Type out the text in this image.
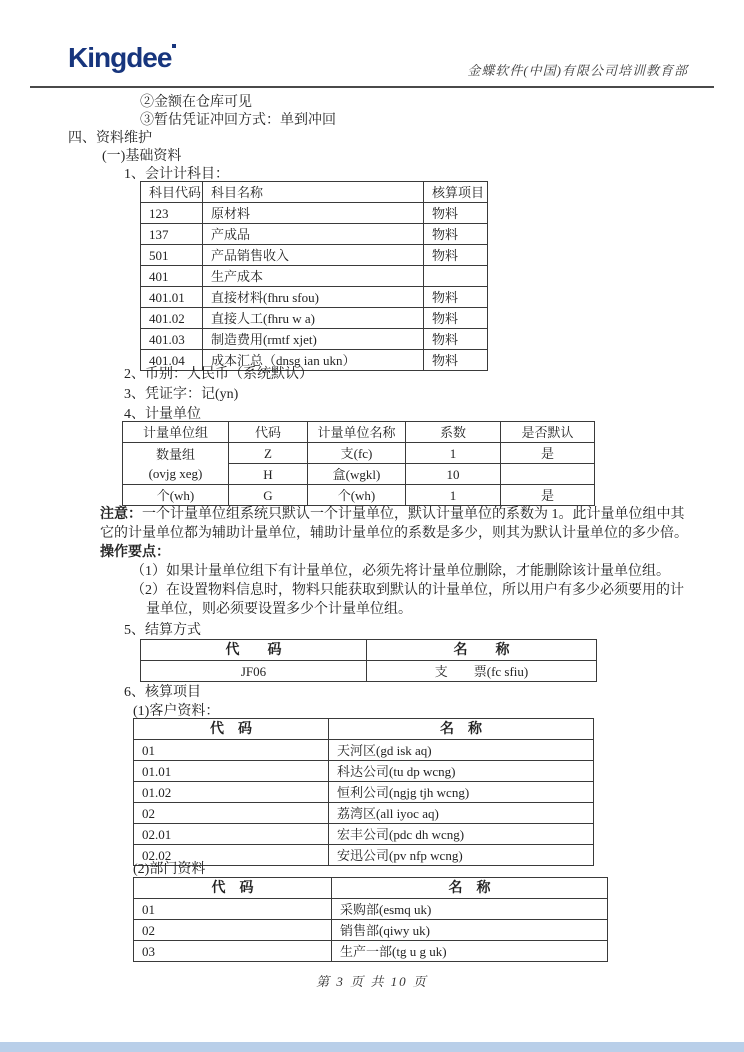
Kingdee	金蝶软件(中国)有限公司培训教育部
②金额在仓库可见
③暂估凭证冲回方式：单到冲回
四、资料维护
(一)基础资料
1、会计计科目：
科目代码	科目名称	核算项目
123	原材料	物料
137	产成品	物料
501	产品销售收入	物料
401	生产成本	
401.01	直接材料(fhru sfou)	物料
401.02	直接人工(fhru w a)	物料
401.03	制造费用(rmtf xjet)	物料
401.04	成本汇总（dnsg ian ukn）	物料
2、币别：人民币（系统默认）
3、凭证字：记(yn)
4、计量单位
计量单位组	代码	计量单位名称	系数	是否默认

数量组
(ovjg xeg)	Z	支(fc)	1	是
	H	盒(wgkl)	10	
个(wh)	G	个(wh)	1	是
注意：一个计量单位组系统只默认一个计量单位，默认计量单位的系数为 1。此计量单位组中其
它的计量单位都为辅助计量单位，辅助计量单位的系数是多少，则其为默认计量单位的多少倍。
操作要点：
（1）如果计量单位组下有计量单位，必须先将计量单位删除，才能删除该计量单位组。
（2）在设置物料信息时，物料只能获取到默认的计量单位，所以用户有多少必须要用的计
量单位，则必须要设置多少个计量单位组。
5、结算方式
代　　码	名　　称
JF06	支　　票(fc sfiu)
6、核算项目
(1)客户资料：
代　码	名　称
01	天河区(gd isk aq)
01.01	科达公司(tu dp wcng)
01.02	恒利公司(ngjg tjh wcng)
02	荔湾区(all iyoc aq)
02.01	宏丰公司(pdc dh wcng)
02.02	安迅公司(pv nfp wcng)
(2)部门资料
代　码	名　称
01	采购部(esmq uk)
02	销售部(qiwy uk)
03	生产一部(tg u g uk)
第 3 页 共 10 页
